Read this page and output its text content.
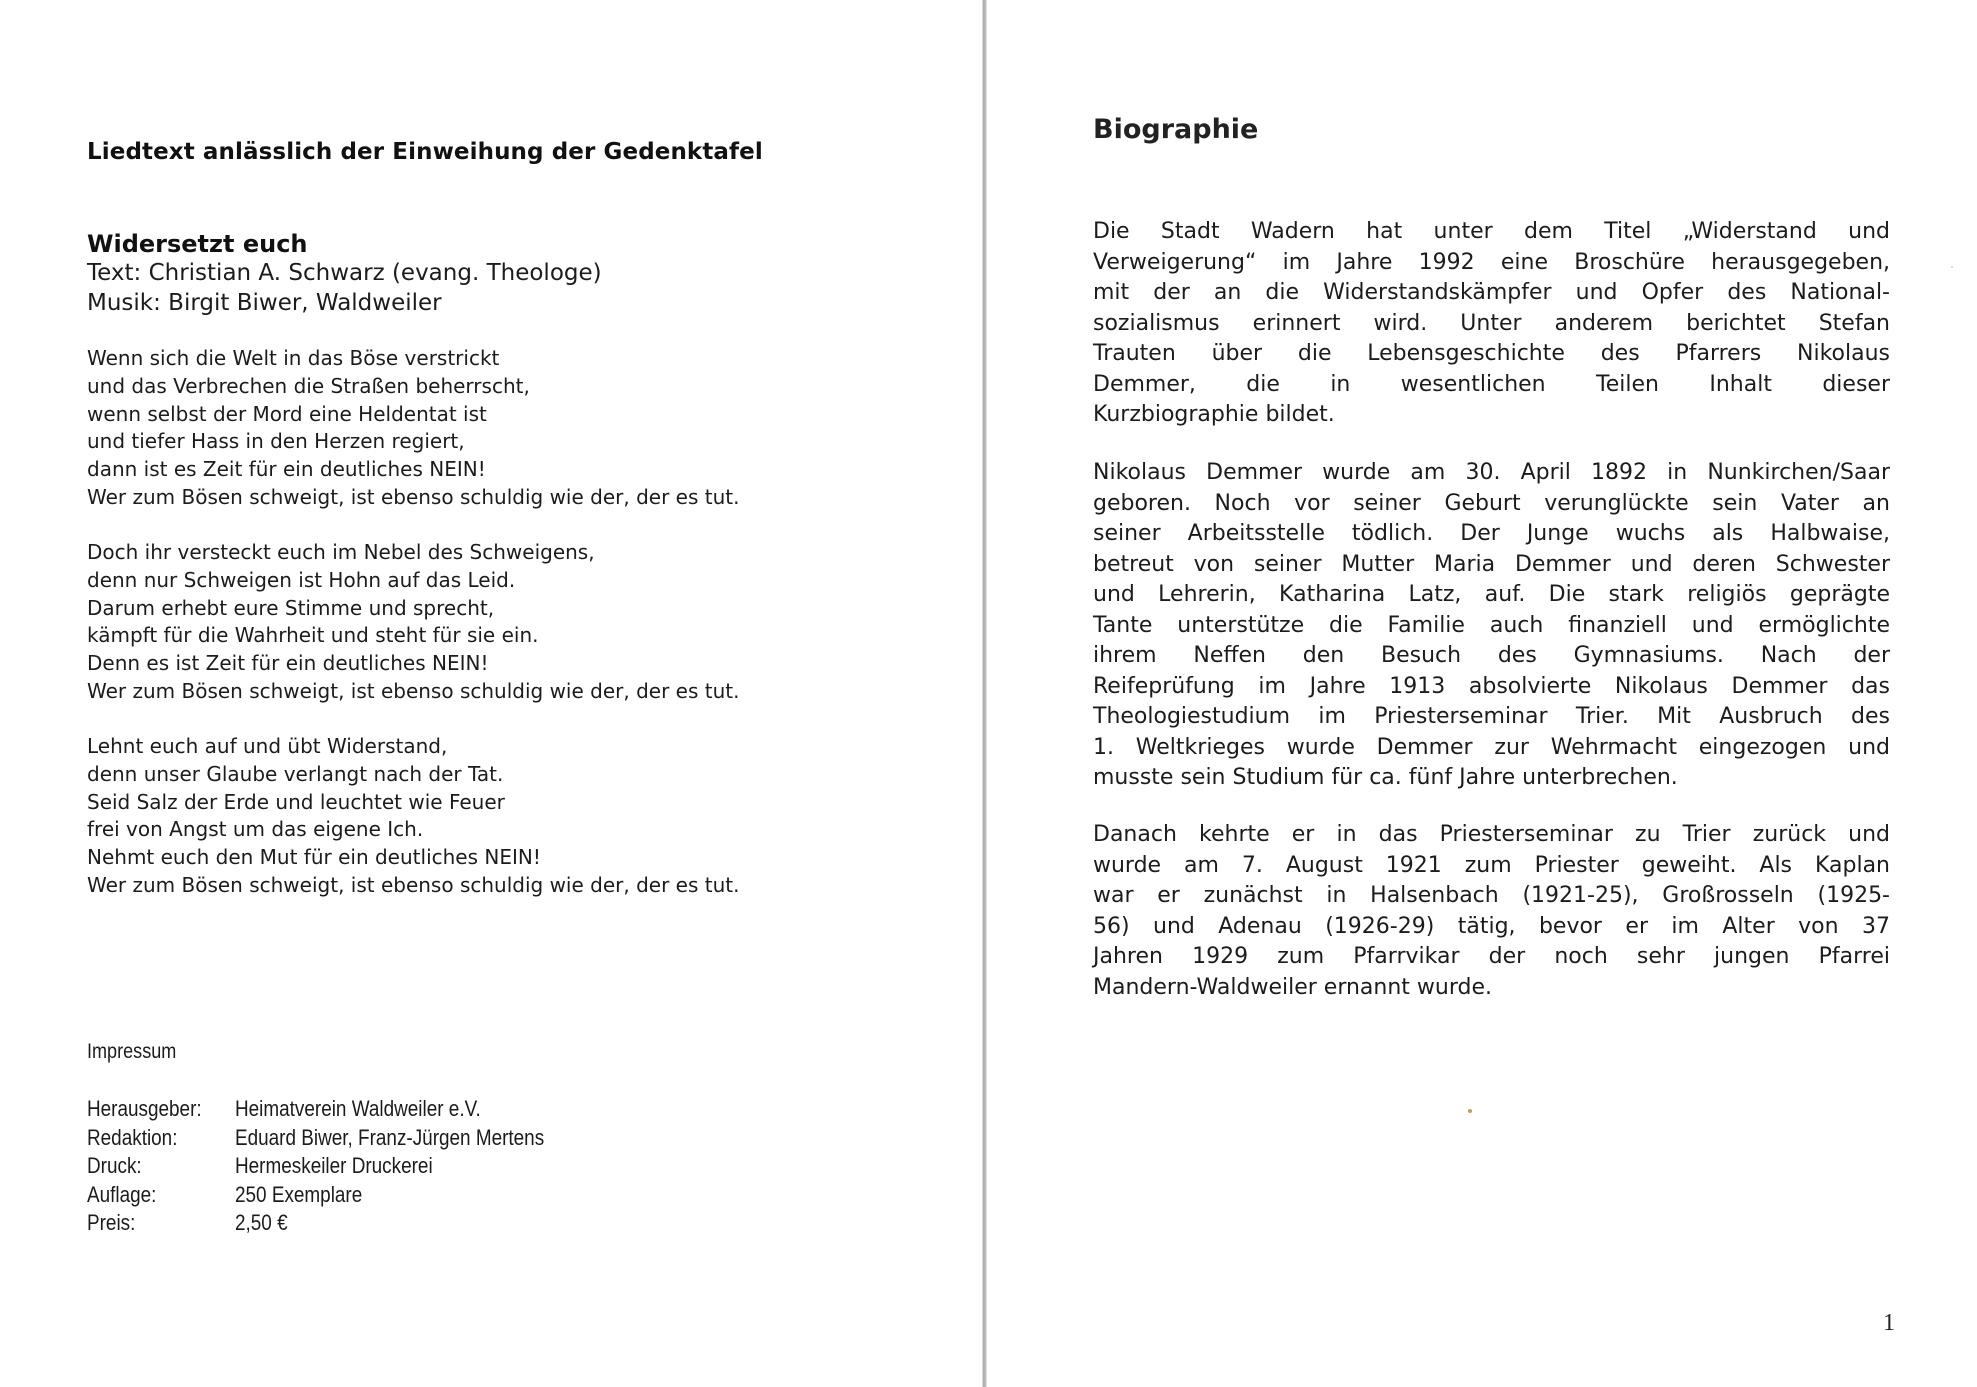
Liedtext anlässlich der Einweihung der Gedenktafel
Widersetzt euch
Text: Christian A. Schwarz (evang. Theologe)
Musik: Birgit Biwer, Waldweiler
Wenn sich die Welt in das Böse verstrickt
und das Verbrechen die Straßen beherrscht,
wenn selbst der Mord eine Heldentat ist
und tiefer Hass in den Herzen regiert,
dann ist es Zeit für ein deutliches NEIN!
Wer zum Bösen schweigt, ist ebenso schuldig wie der, der es tut.
Doch ihr versteckt euch im Nebel des Schweigens,
denn nur Schweigen ist Hohn auf das Leid.
Darum erhebt eure Stimme und sprecht,
kämpft für die Wahrheit und steht für sie ein.
Denn es ist Zeit für ein deutliches NEIN!
Wer zum Bösen schweigt, ist ebenso schuldig wie der, der es tut.
Lehnt euch auf und übt Widerstand,
denn unser Glaube verlangt nach der Tat.
Seid Salz der Erde und leuchtet wie Feuer
frei von Angst um das eigene Ich.
Nehmt euch den Mut für ein deutliches NEIN!
Wer zum Bösen schweigt, ist ebenso schuldig wie der, der es tut.
Impressum
Herausgeber: Heimatverein Waldweiler e.V.
Redaktion:	Eduard Biwer, Franz-Jürgen Mertens
Druck:	Hermeskeiler Druckerei
Auflage:	250 Exemplare
Preis:	2,50 €
Biographie
Die Stadt Wadern hat unter dem Titel „Widerstand und
Verweigerung“ im Jahre 1992 eine Broschüre herausgegeben,
mit der an die Widerstandskämpfer und Opfer des National-
sozialismus erinnert wird. Unter anderem berichtet Stefan
Trauten über die Lebensgeschichte des Pfarrers Nikolaus
Demmer, die in wesentlichen Teilen Inhalt dieser
Kurzbiographie bildet.
Nikolaus Demmer wurde am 30. April 1892 in Nunkirchen/Saar
geboren. Noch vor seiner Geburt verunglückte sein Vater an
seiner Arbeitsstelle tödlich. Der Junge wuchs als Halbwaise,
betreut von seiner Mutter Maria Demmer und deren Schwester
und Lehrerin, Katharina Latz, auf. Die stark religiös geprägte
Tante unterstütze die Familie auch finanziell und ermöglichte
ihrem Neffen den Besuch des Gymnasiums. Nach der
Reifeprüfung im Jahre 1913 absolvierte Nikolaus Demmer das
Theologiestudium im Priesterseminar Trier. Mit Ausbruch des
1. Weltkrieges wurde Demmer zur Wehrmacht eingezogen und
musste sein Studium für ca. fünf Jahre unterbrechen.
Danach kehrte er in das Priesterseminar zu Trier zurück und
wurde am 7. August 1921 zum Priester geweiht. Als Kaplan
war er zunächst in Halsenbach (1921-25), Großrosseln (1925-
56) und Adenau (1926-29) tätig, bevor er im Alter von 37
Jahren 1929 zum Pfarrvikar der noch sehr jungen Pfarrei
Mandern-Waldweiler ernannt wurde.
1
